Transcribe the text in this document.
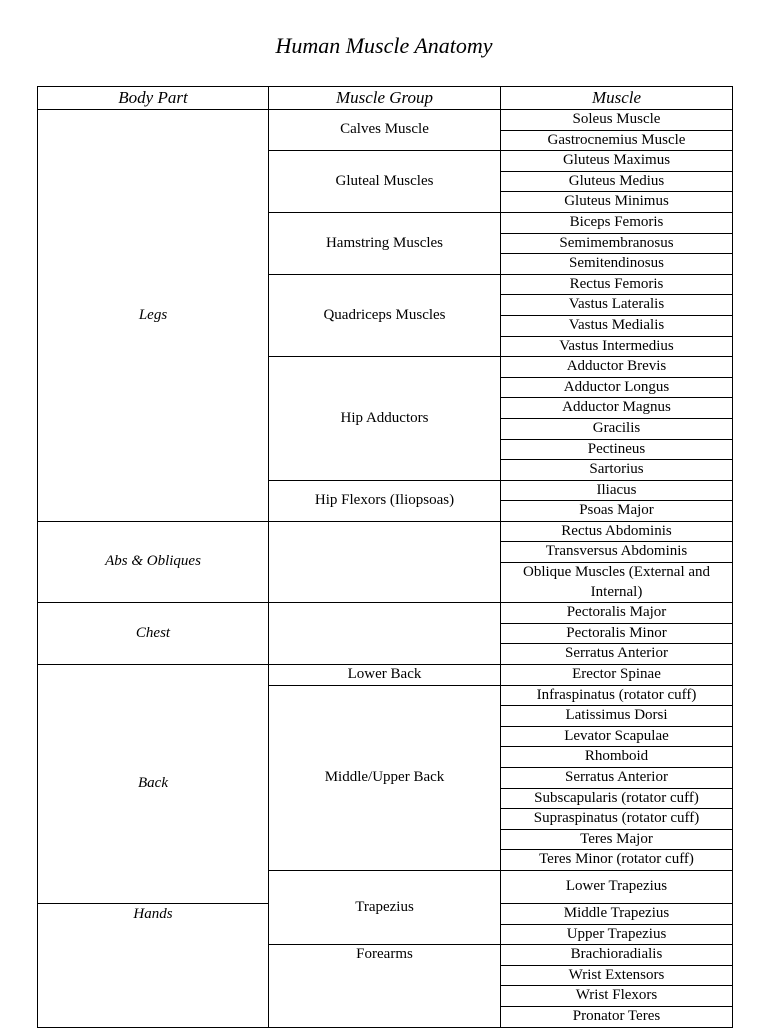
Human Muscle Anatomy
Body Part	Muscle Group	Muscle
Legs	Calves Muscle	Soleus Muscle
		Gastrocnemius Muscle
	Gluteal Muscles	Gluteus Maximus
		Gluteus Medius
		Gluteus Minimus
	Hamstring Muscles	Biceps Femoris
		Semimembranosus
		Semitendinosus
	Quadriceps Muscles	Rectus Femoris
		Vastus Lateralis
		Vastus Medialis
		Vastus Intermedius
	Hip Adductors	Adductor Brevis
		Adductor Longus
		Adductor Magnus
		Gracilis
		Pectineus
		Sartorius
	Hip Flexors (Iliopsoas)	Iliacus
		Psoas Major
Abs & Obliques		Rectus Abdominis
		Transversus Abdominis
		Oblique Muscles (External and Internal)
Chest		Pectoralis Major
		Pectoralis Minor
		Serratus Anterior
Back	Lower Back	Erector Spinae
	Middle/Upper Back	Infraspinatus (rotator cuff)
		Latissimus Dorsi
		Levator Scapulae
		Rhomboid
		Serratus Anterior
		Subscapularis (rotator cuff)
		Supraspinatus (rotator cuff)
		Teres Major
		Teres Minor (rotator cuff)
	Trapezius	Lower Trapezius
Hands		Middle Trapezius
		Upper Trapezius
	Forearms	Brachioradialis
		Wrist Extensors
		Wrist Flexors
		Pronator Teres
